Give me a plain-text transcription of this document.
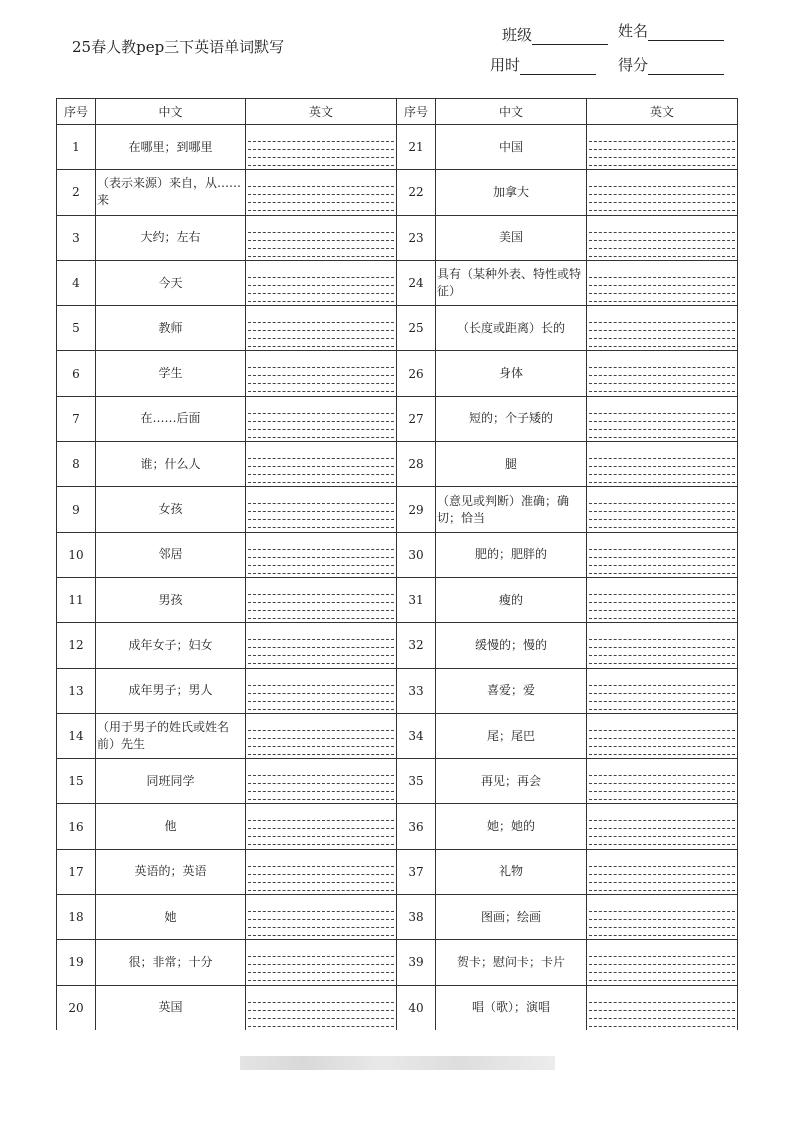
25春人教pep三下英语单词默写
班级	姓名
用时	得分
序号	中文	英文	序号	中文	英文
1	在哪里；到哪里		21	中国	

2	（表示来源）来自，从……来		22	加拿大	

3	大约；左右		23	美国	

4	今天		24	具有（某种外表、特性或特征）	

5	教师		25	（长度或距离）长的	

6	学生		26	身体	

7	在……后面		27	短的；个子矮的	

8	谁；什么人		28	腿	

9	女孩		29	（意见或判断）准确；确切；恰当	

10	邻居		30	肥的；肥胖的	

11	男孩		31	瘦的	

12	成年女子；妇女		32	缓慢的；慢的	

13	成年男子；男人		33	喜爱；爱	

14	（用于男子的姓氏或姓名前）先生		34	尾；尾巴	

15	同班同学		35	再见；再会	

16	他		36	她；她的	

17	英语的；英语		37	礼物	

18	她		38	图画；绘画	

19	很；非常；十分		39	贺卡；慰问卡；卡片	

20	英国		40	唱（歌）；演唱	
